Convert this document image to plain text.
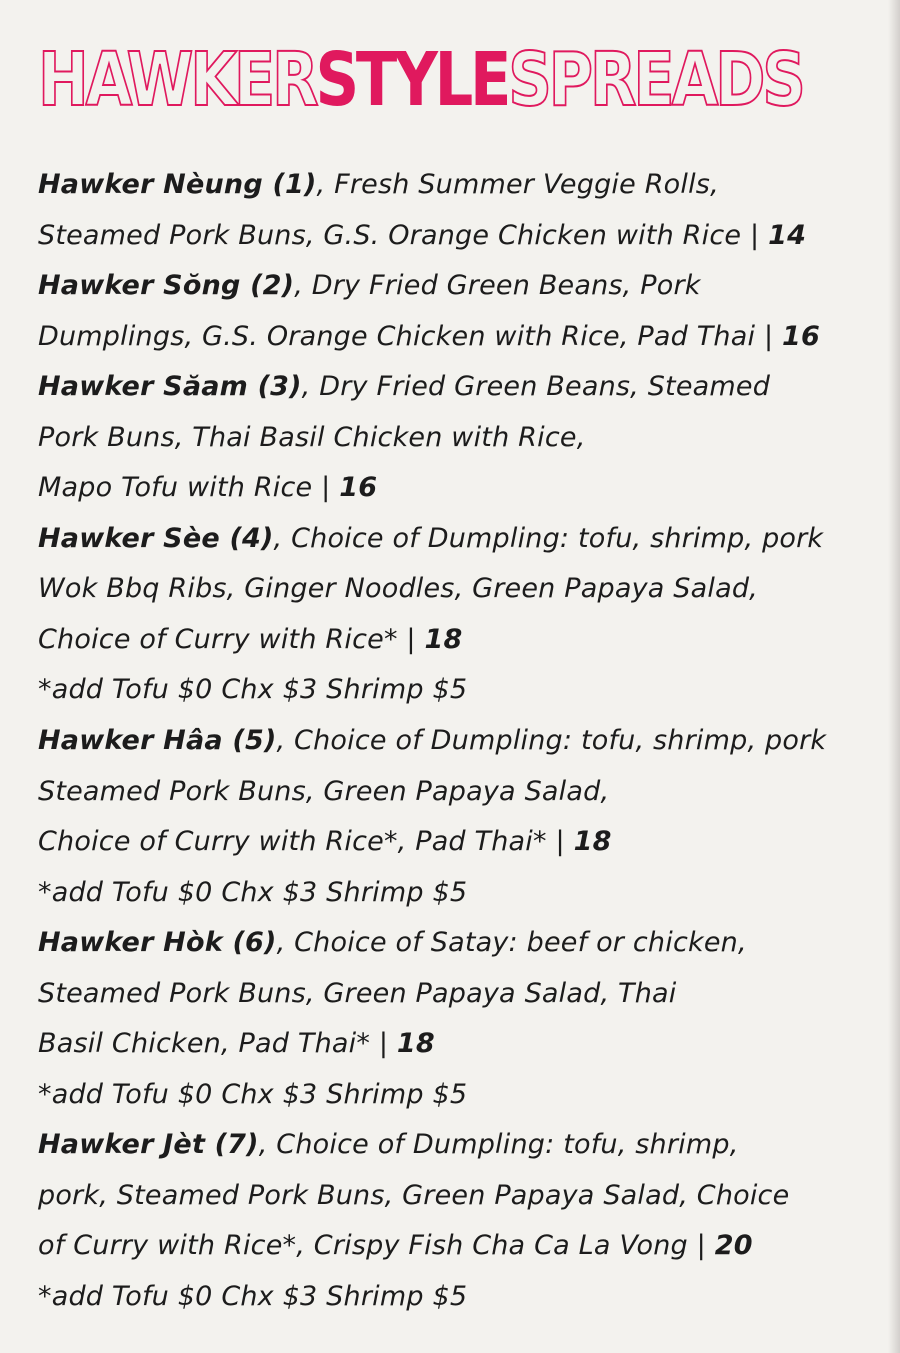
HAWKERSTYLESPREADS
Hawker Nèung (1), Fresh Summer Veggie Rolls,
Steamed Pork Buns, G.S. Orange Chicken with Rice | 14
Hawker Sŏng (2), Dry Fried Green Beans, Pork
Dumplings, G.S. Orange Chicken with Rice, Pad Thai | 16
Hawker Săam (3), Dry Fried Green Beans, Steamed
Pork Buns, Thai Basil Chicken with Rice,
Mapo Tofu with Rice | 16
Hawker Sèe (4), Choice of Dumpling: tofu, shrimp, pork
Wok Bbq Ribs, Ginger Noodles, Green Papaya Salad,
Choice of Curry with Rice* | 18
*add Tofu $0 Chx $3 Shrimp $5
Hawker Hâa (5), Choice of Dumpling: tofu, shrimp, pork
Steamed Pork Buns, Green Papaya Salad,
Choice of Curry with Rice*, Pad Thai* | 18
*add Tofu $0 Chx $3 Shrimp $5
Hawker Hòk (6), Choice of Satay: beef or chicken,
Steamed Pork Buns, Green Papaya Salad, Thai
Basil Chicken, Pad Thai* | 18
*add Tofu $0 Chx $3 Shrimp $5
Hawker Jèt (7), Choice of Dumpling: tofu, shrimp,
pork, Steamed Pork Buns, Green Papaya Salad, Choice
of Curry with Rice*, Crispy Fish Cha Ca La Vong | 20
*add Tofu $0 Chx $3 Shrimp $5
